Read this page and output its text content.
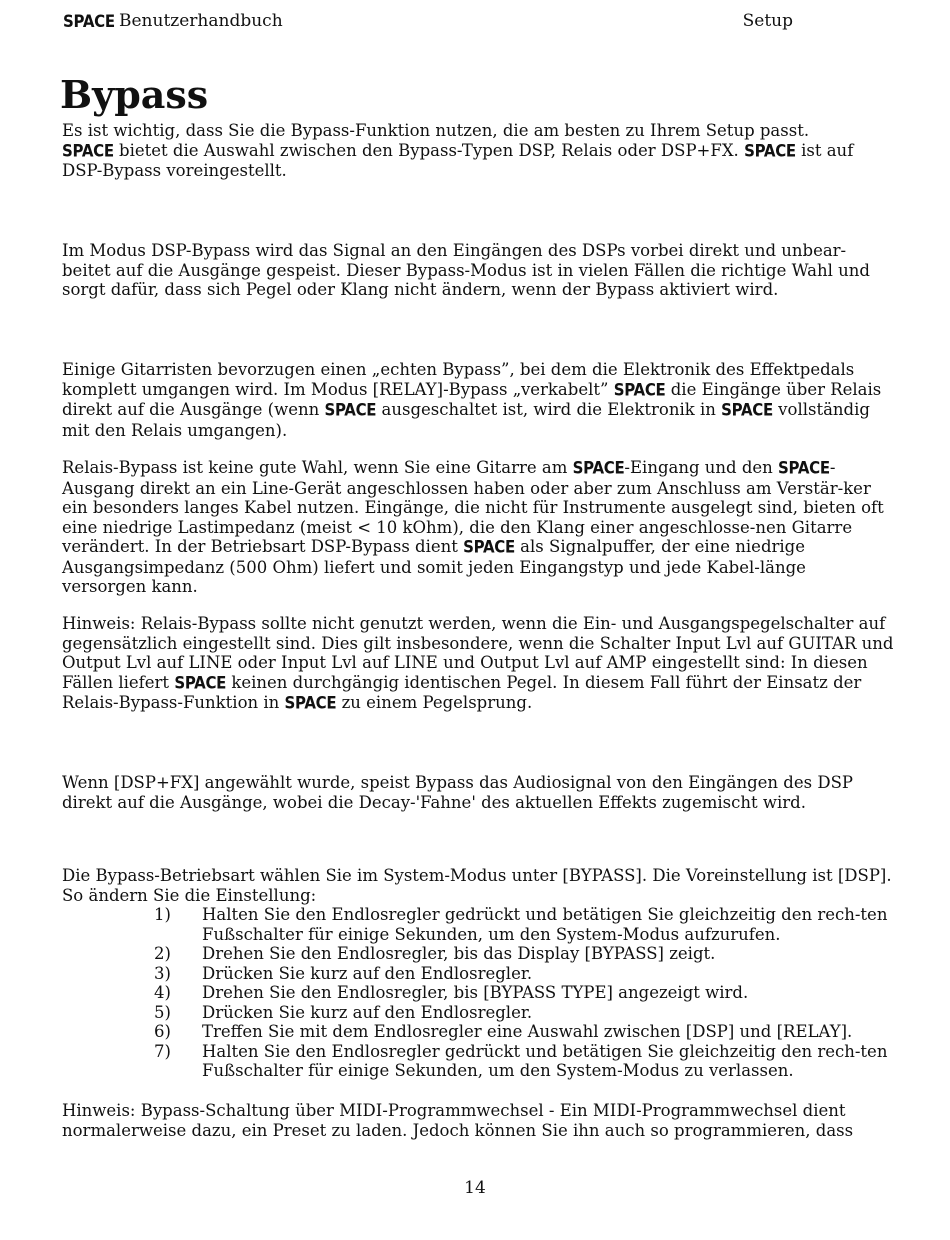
SPACE Benutzerhandbuch	Setup
Bypass
Es ist wichtig, dass Sie die Bypass-Funktion nutzen, die am besten zu Ihrem Setup passt.
SPACE bietet die Auswahl zwischen den Bypass-Typen DSP, Relais oder DSP+FX. SPACE ist auf DSP-Bypass voreingestellt.
Im Modus DSP-Bypass wird das Signal an den Eingängen des DSPs vorbei direkt und unbear-beitet auf die Ausgänge gespeist. Dieser Bypass-Modus ist in vielen Fällen die richtige Wahl und sorgt dafür, dass sich Pegel oder Klang nicht ändern, wenn der Bypass aktiviert wird.
Einige Gitarristen bevorzugen einen „echten Bypass”, bei dem die Elektronik des Effektpedals komplett umgangen wird. Im Modus [RELAY]-Bypass „verkabelt” SPACE die Eingänge über Relais direkt auf die Ausgänge (wenn SPACE ausgeschaltet ist, wird die Elektronik in SPACE vollständig mit den Relais umgangen).
Relais-Bypass ist keine gute Wahl, wenn Sie eine Gitarre am SPACE-Eingang und den SPACE-Ausgang direkt an ein Line-Gerät angeschlossen haben oder aber zum Anschluss am Verstär-ker ein besonders langes Kabel nutzen. Eingänge, die nicht für Instrumente ausgelegt sind, bieten oft eine niedrige Lastimpedanz (meist < 10 kOhm), die den Klang einer angeschlosse-nen Gitarre verändert. In der Betriebsart DSP-Bypass dient SPACE als Signalpuffer, der eine niedrige Ausgangsimpedanz (500 Ohm) liefert und somit jeden Eingangstyp und jede Kabel-länge versorgen kann.
Hinweis: Relais-Bypass sollte nicht genutzt werden, wenn die Ein- und Ausgangspegelschalter auf gegensätzlich eingestellt sind. Dies gilt insbesondere, wenn die Schalter Input Lvl auf GUITAR und Output Lvl auf LINE oder Input Lvl auf LINE und Output Lvl auf AMP eingestellt sind: In diesen Fällen liefert SPACE keinen durchgängig identischen Pegel. In diesem Fall führt der Einsatz der Relais-Bypass-Funktion in SPACE zu einem Pegelsprung.
Wenn [DSP+FX] angewählt wurde, speist Bypass das Audiosignal von den Eingängen des DSP direkt auf die Ausgänge, wobei die Decay-'Fahne' des aktuellen Effekts zugemischt wird.
Die Bypass-Betriebsart wählen Sie im System-Modus unter [BYPASS]. Die Voreinstellung ist [DSP]. So ändern Sie die Einstellung:
1) Halten Sie den Endlosregler gedrückt und betätigen Sie gleichzeitig den rech-ten Fußschalter für einige Sekunden, um den System-Modus aufzurufen.
2) Drehen Sie den Endlosregler, bis das Display [BYPASS] zeigt.
3) Drücken Sie kurz auf den Endlosregler.
4) Drehen Sie den Endlosregler, bis [BYPASS TYPE] angezeigt wird.
5) Drücken Sie kurz auf den Endlosregler.
6) Treffen Sie mit dem Endlosregler eine Auswahl zwischen [DSP] und [RELAY].
7) Halten Sie den Endlosregler gedrückt und betätigen Sie gleichzeitig den rech-ten Fußschalter für einige Sekunden, um den System-Modus zu verlassen.
Hinweis: Bypass-Schaltung über MIDI-Programmwechsel - Ein MIDI-Programmwechsel dient normalerweise dazu, ein Preset zu laden. Jedoch können Sie ihn auch so programmieren, dass
14
